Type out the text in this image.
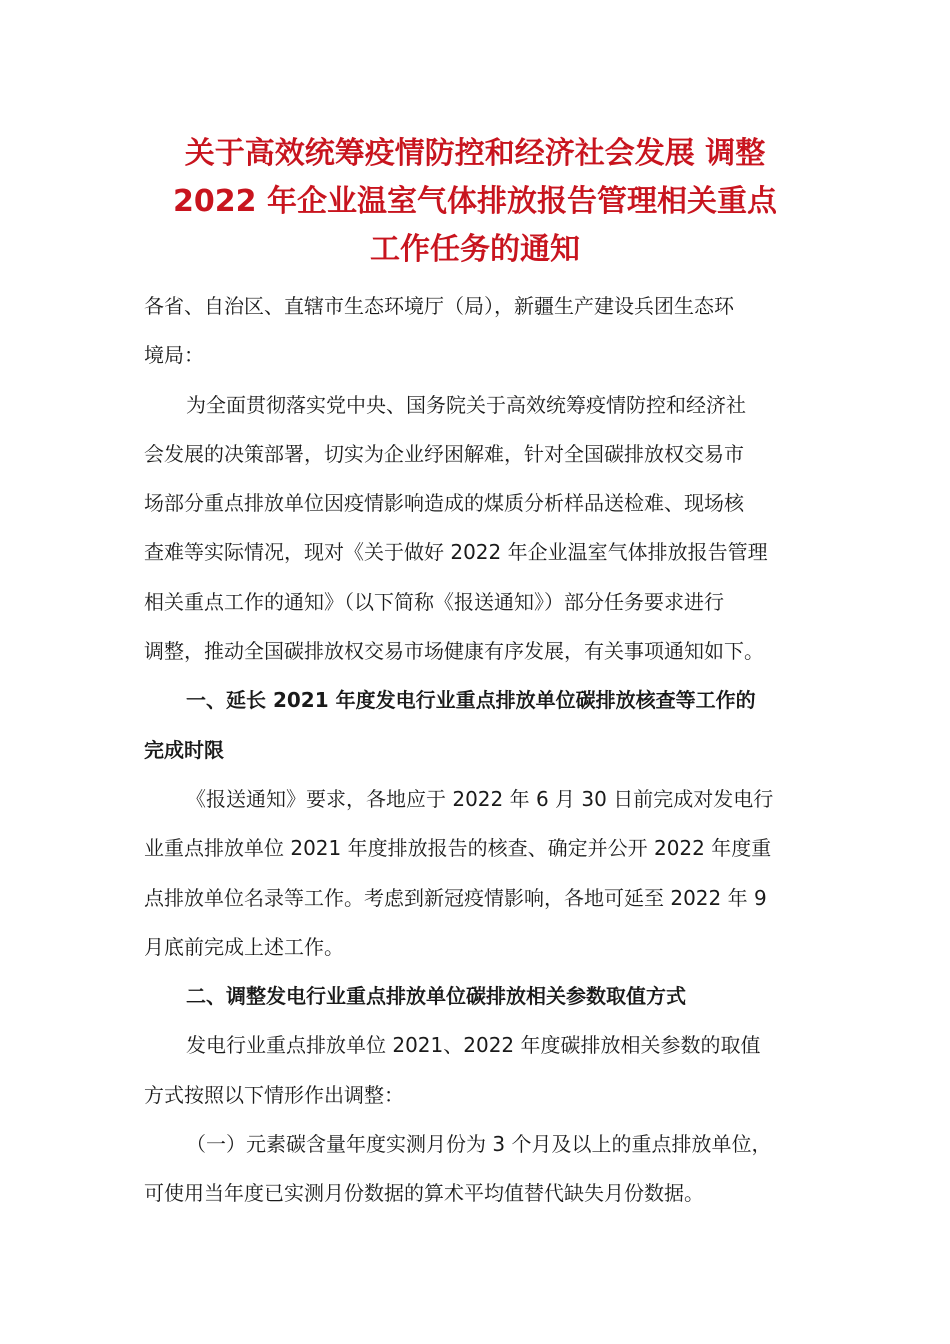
关于高效统筹疫情防控和经济社会发展 调整
2022 年企业温室气体排放报告管理相关重点
工作任务的通知
各省、自治区、直辖市生态环境厅（局），新疆生产建设兵团生态环
境局：
为全面贯彻落实党中央、国务院关于高效统筹疫情防控和经济社
会发展的决策部署，切实为企业纾困解难，针对全国碳排放权交易市
场部分重点排放单位因疫情影响造成的煤质分析样品送检难、现场核
查难等实际情况，现对《关于做好 2022 年企业温室气体排放报告管理
相关重点工作的通知》（以下简称《报送通知》）部分任务要求进行
调整，推动全国碳排放权交易市场健康有序发展，有关事项通知如下。
一、延长 2021 年度发电行业重点排放单位碳排放核查等工作的
完成时限
《报送通知》要求，各地应于 2022 年 6 月 30 日前完成对发电行
业重点排放单位 2021 年度排放报告的核查、确定并公开 2022 年度重
点排放单位名录等工作。考虑到新冠疫情影响，各地可延至 2022 年 9
月底前完成上述工作。
二、调整发电行业重点排放单位碳排放相关参数取值方式
发电行业重点排放单位 2021、2022 年度碳排放相关参数的取值
方式按照以下情形作出调整：
（一）元素碳含量年度实测月份为 3 个月及以上的重点排放单位，
可使用当年度已实测月份数据的算术平均值替代缺失月份数据。
